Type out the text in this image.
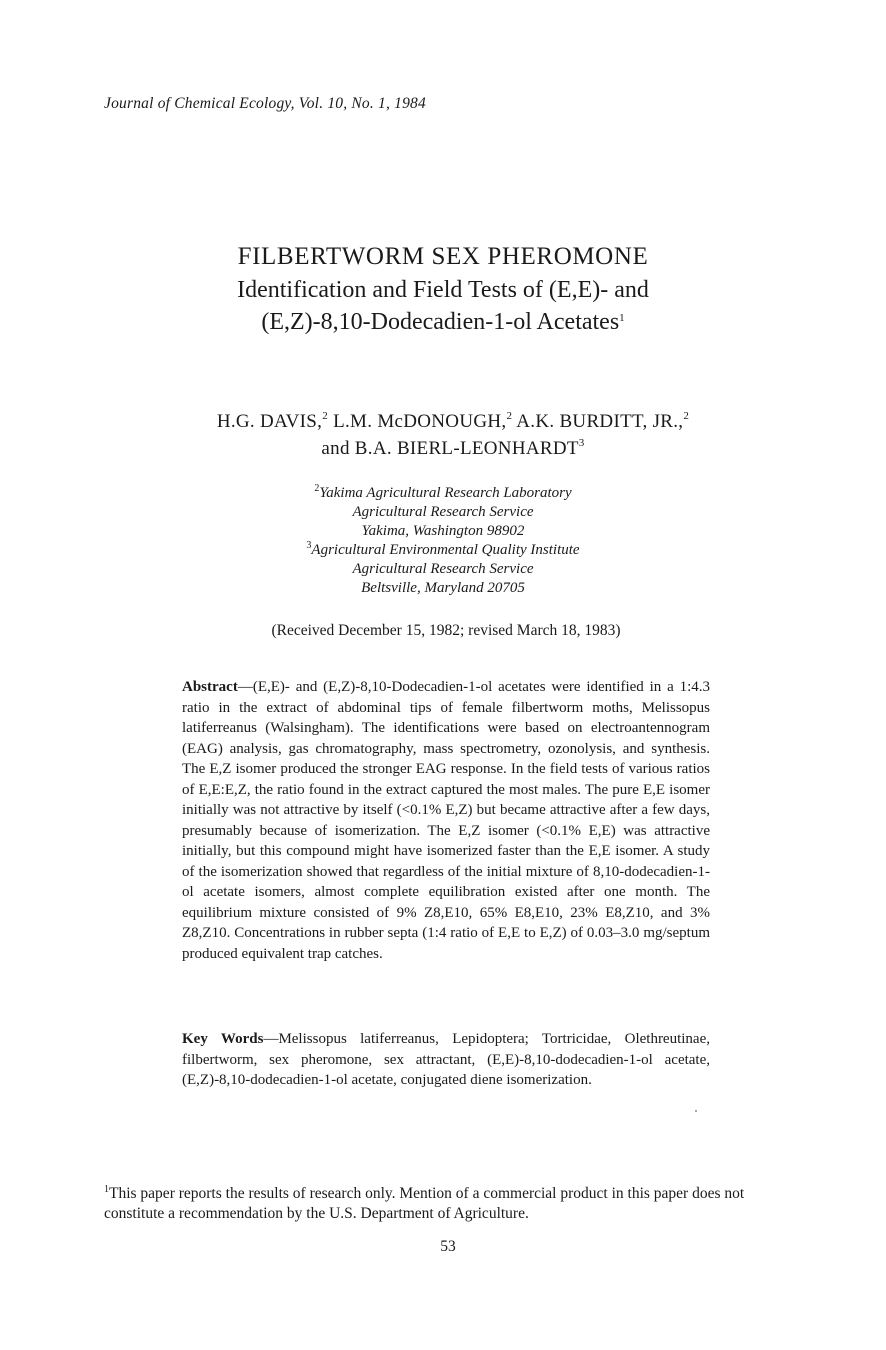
Journal of Chemical Ecology, Vol. 10, No. 1, 1984
FILBERTWORM SEX PHEROMONE
Identification and Field Tests of (E,E)- and
(E,Z)-8,10-Dodecadien-1-ol Acetates$^1$
H.G. DAVIS,$^2$ L.M. McDONOUGH,$^2$ A.K. BURDITT, JR.,$^2$
and B.A. BIERL-LEONHARDT$^3$
$^2$Yakima Agricultural Research Laboratory
Agricultural Research Service
Yakima, Washington 98902
$^3$Agricultural Environmental Quality Institute
Agricultural Research Service
Beltsville, Maryland 20705
(Received December 15, 1982; revised March 18, 1983)
Abstract—(E,E)- and (E,Z)-8,10-Dodecadien-1-ol acetates were identified in a 1:4.3 ratio in the extract of abdominal tips of female filbertworm moths, Melissopus latiferreanus (Walsingham). The identifications were based on electroantennogram (EAG) analysis, gas chromatography, mass spectrometry, ozonolysis, and synthesis. The E,Z isomer produced the stronger EAG response. In the field tests of various ratios of E,E:E,Z, the ratio found in the extract captured the most males. The pure E,E isomer initially was not attractive by itself (<0.1% E,Z) but became attractive after a few days, presumably because of isomerization. The E,Z isomer (<0.1% E,E) was attractive initially, but this compound might have isomerized faster than the E,E isomer. A study of the isomerization showed that regardless of the initial mixture of 8,10-dodecadien-1-ol acetate isomers, almost complete equilibration existed after one month. The equilibrium mixture consisted of 9% Z8,E10, 65% E8,E10, 23% E8,Z10, and 3% Z8,Z10. Concentrations in rubber septa (1:4 ratio of E,E to E,Z) of 0.03–3.0 mg/septum produced equivalent trap catches.
Key Words—Melissopus latiferreanus, Lepidoptera; Tortricidae, Olethreutinae, filbertworm, sex pheromone, sex attractant, (E,E)-8,10-dodecadien-1-ol acetate, (E,Z)-8,10-dodecadien-1-ol acetate, conjugated diene isomerization.
$^1$This paper reports the results of research only. Mention of a commercial product in this paper does not constitute a recommendation by the U.S. Department of Agriculture.
53
